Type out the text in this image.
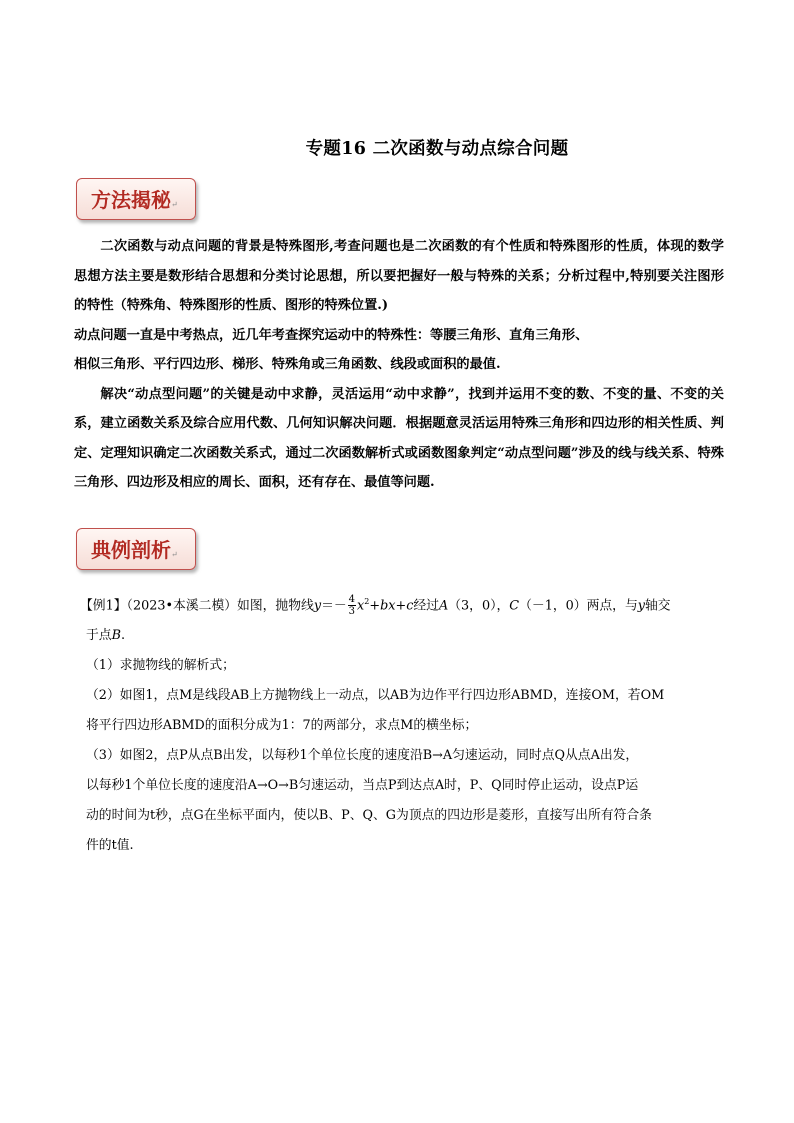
专题16 二次函数与动点综合问题
方法揭秘↵

二次函数与动点问题的背景是特殊图形,考查问题也是二次函数的有个性质和特殊图形的性质，体现的数学思想方法主要是数形结合思想和分类讨论思想，所以要把握好一般与特殊的关系；分析过程中,特别要关注图形的特性（特殊角、特殊图形的性质、图形的特殊位置.)

动点问题一直是中考热点，近几年考查探究运动中的特殊性：等腰三角形、直角三角形、

相似三角形、平行四边形、梯形、特殊角或三角函数、线段或面积的最值.

解决“动点型问题”的关键是动中求静，灵活运用“动中求静”，找到并运用不变的数、不变的量、不变的关系，建立函数关系及综合应用代数、几何知识解决问题．根据题意灵活运用特殊三角形和四边形的相关性质、判定、定理知识确定二次函数关系式，通过二次函数解析式或函数图象判定“动点型问题”涉及的线与线关系、特殊三角形、四边形及相应的周长、面积，还有存在、最值等问题.

典例剖析↵

【例1】（2023•本溪二模）如图，抛物线$y=- \frac{4}{3} x^2+bx+c$经过A（3，0），C（－1，0）两点，与y轴交

于点B.

（1）求抛物线的解析式；

（2）如图1，点M是线段AB上方抛物线上一动点，以AB为边作平行四边形ABMD，连接OM，若OM

将平行四边形ABMD的面积分成为1：7的两部分，求点M的横坐标；

（3）如图2，点P从点B出发，以每秒1个单位长度的速度沿B→A匀速运动，同时点Q从点A出发，

以每秒1个单位长度的速度沿A→O→B匀速运动，当点P到达点A时，P、Q同时停止运动，设点P运

动的时间为t秒，点G在坐标平面内，使以B、P、Q、G为顶点的四边形是菱形，直接写出所有符合条

件的t值.
